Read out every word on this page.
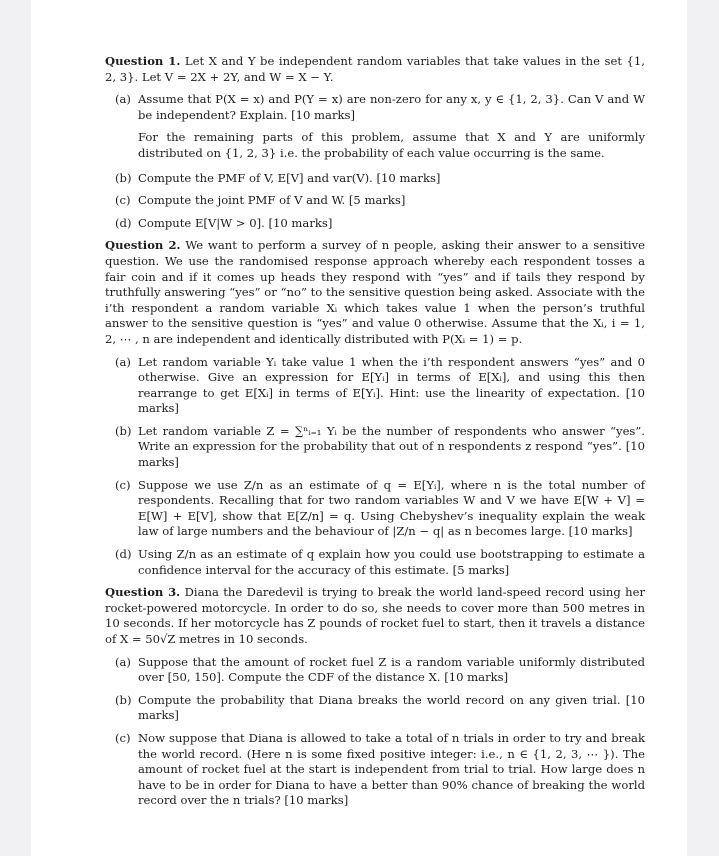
Question 1. Let X and Y be independent random variables that take values in the set {1, 2, 3}. Let V = 2X + 2Y, and W = X − Y.

(a) Assume that P(X = x) and P(Y = x) are non-zero for any x, y ∈ {1, 2, 3}. Can V and W be independent? Explain. [10 marks]
For the remaining parts of this problem, assume that X and Y are uniformly distributed on {1, 2, 3} i.e. the probability of each value occurring is the same.
(b) Compute the PMF of V, E[V] and var(V). [10 marks]
(c) Compute the joint PMF of V and W. [5 marks]
(d) Compute E[V|W > 0]. [10 marks]

Question 2. We want to perform a survey of n people, asking their answer to a sensitive question. We use the randomised response approach whereby each respondent tosses a fair coin and if it comes up heads they respond with “yes” and if tails they respond by truthfully answering “yes” or “no” to the sensitive question being asked. Associate with the i’th respondent a random variable Xᵢ which takes value 1 when the person’s truthful answer to the sensitive question is “yes” and value 0 otherwise. Assume that the Xᵢ, i = 1, 2, ⋯ , n are independent and identically distributed with P(Xᵢ = 1) = p.

(a) Let random variable Yᵢ take value 1 when the i’th respondent answers “yes” and 0 otherwise. Give an expression for E[Yᵢ] in terms of E[Xᵢ], and using this then rearrange to get E[Xᵢ] in terms of E[Yᵢ]. Hint: use the linearity of expectation. [10 marks]
(b) Let random variable Z = ∑ⁿᵢ₌₁ Yᵢ be the number of respondents who answer “yes”. Write an expression for the probability that out of n respondents z respond “yes”. [10 marks]
(c) Suppose we use Z/n as an estimate of q = E[Yᵢ], where n is the total number of respondents. Recalling that for two random variables W and V we have E[W + V] = E[W] + E[V], show that E[Z/n] = q. Using Chebyshev’s inequality explain the weak law of large numbers and the behaviour of |Z/n − q| as n becomes large. [10 marks]
(d) Using Z/n as an estimate of q explain how you could use bootstrapping to estimate a confidence interval for the accuracy of this estimate. [5 marks]

Question 3. Diana the Daredevil is trying to break the world land-speed record using her rocket-powered motorcycle. In order to do so, she needs to cover more than 500 metres in 10 seconds. If her motorcycle has Z pounds of rocket fuel to start, then it travels a distance of X = 50√Z metres in 10 seconds.

(a) Suppose that the amount of rocket fuel Z is a random variable uniformly distributed over [50, 150]. Compute the CDF of the distance X. [10 marks]
(b) Compute the probability that Diana breaks the world record on any given trial. [10 marks]
(c) Now suppose that Diana is allowed to take a total of n trials in order to try and break the world record. (Here n is some fixed positive integer: i.e., n ∈ {1, 2, 3, ⋯ }). The amount of rocket fuel at the start is independent from trial to trial. How large does n have to be in order for Diana to have a better than 90% chance of breaking the world record over the n trials? [10 marks]
